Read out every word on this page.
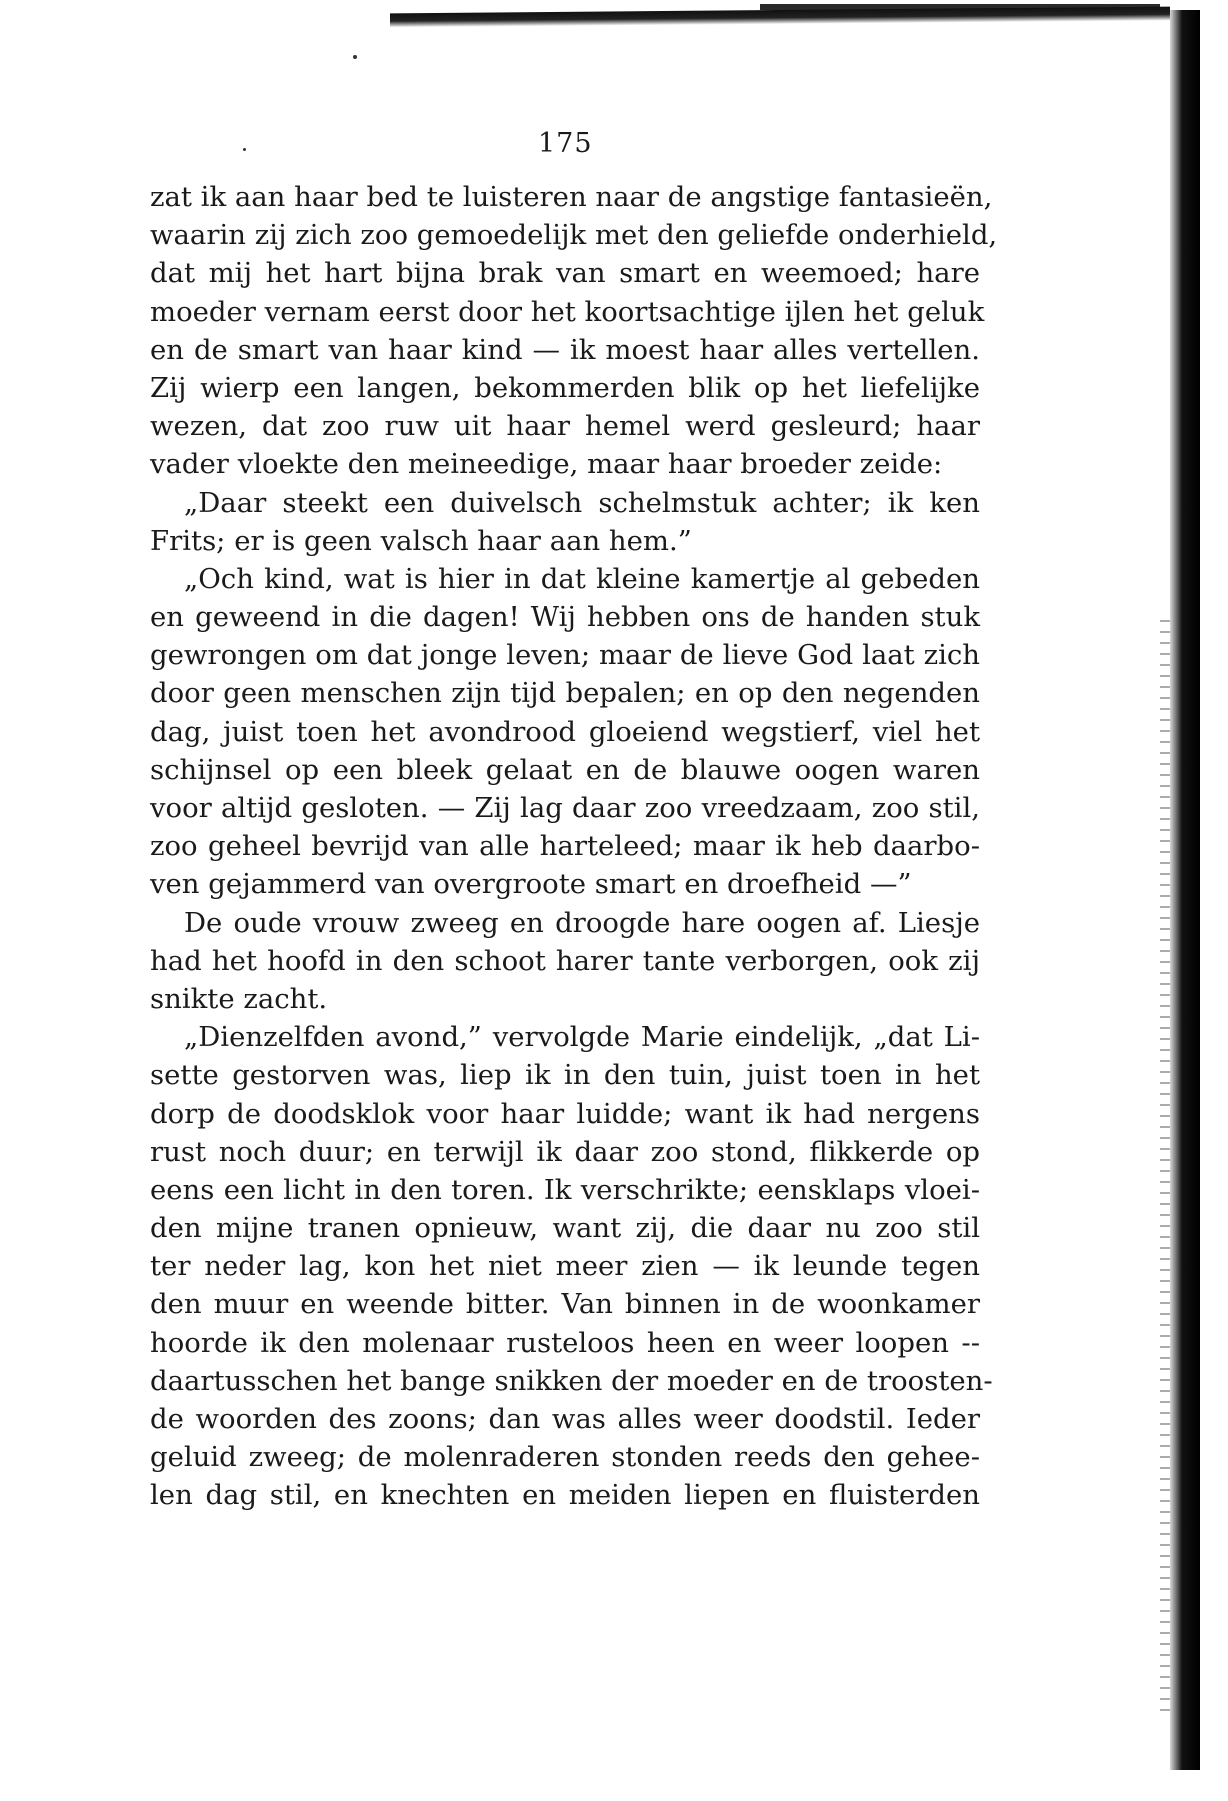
175
zat ik aan haar bed te luisteren naar de angstige fantasieën,
waarin zij zich zoo gemoedelijk met den geliefde onderhield,
dat mij het hart bijna brak van smart en weemoed; hare
moeder vernam eerst door het koortsachtige ijlen het geluk
en de smart van haar kind — ik moest haar alles vertellen.
Zij wierp een langen, bekommerden blik op het liefelijke
wezen, dat zoo ruw uit haar hemel werd gesleurd; haar
vader vloekte den meineedige, maar haar broeder zeide:
„Daar steekt een duivelsch schelmstuk achter; ik ken
Frits; er is geen valsch haar aan hem.”
„Och kind, wat is hier in dat kleine kamertje al gebeden
en geweend in die dagen! Wij hebben ons de handen stuk
gewrongen om dat jonge leven; maar de lieve God laat zich
door geen menschen zijn tijd bepalen; en op den negenden
dag, juist toen het avondrood gloeiend wegstierf, viel het
schijnsel op een bleek gelaat en de blauwe oogen waren
voor altijd gesloten. — Zij lag daar zoo vreedzaam, zoo stil,
zoo geheel bevrijd van alle harteleed; maar ik heb daarbo-
ven gejammerd van overgroote smart en droefheid —”
De oude vrouw zweeg en droogde hare oogen af. Liesje
had het hoofd in den schoot harer tante verborgen, ook zij
snikte zacht.
„Dienzelfden avond,” vervolgde Marie eindelijk, „dat Li-
sette gestorven was, liep ik in den tuin, juist toen in het
dorp de doodsklok voor haar luidde; want ik had nergens
rust noch duur; en terwijl ik daar zoo stond, flikkerde op
eens een licht in den toren. Ik verschrikte; eensklaps vloei-
den mijne tranen opnieuw, want zij, die daar nu zoo stil
ter neder lag, kon het niet meer zien — ik leunde tegen
den muur en weende bitter. Van binnen in de woonkamer
hoorde ik den molenaar rusteloos heen en weer loopen --
daartusschen het bange snikken der moeder en de troosten-
de woorden des zoons; dan was alles weer doodstil. Ieder
geluid zweeg; de molenraderen stonden reeds den gehee-
len dag stil, en knechten en meiden liepen en fluisterden
